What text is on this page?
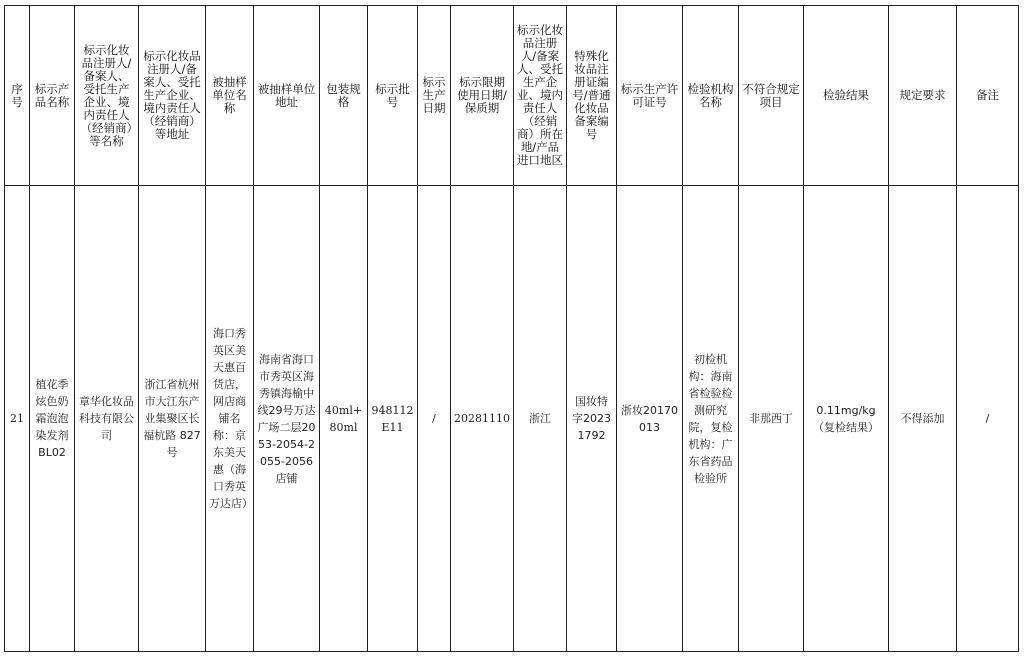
序号	标示产品名称	标示化妆品注册人/备案人、受托生产企业、境内责任人（经销商）等名称	标示化妆品注册人/备案人、受托生产企业、境内责任人（经销商）等地址	被抽样单位名称	被抽样单位地址	包装规格	标示批号	标示生产日期	标示限期使用日期/保质期	标示化妆品注册人/备案人、受托生产企业、境内责任人（经销商）所在地/产品进口地区	特殊化妆品注册证编号/普通化妆品备案编号	标示生产许可证号	检验机构名称	不符合规定项目	检验结果	规定要求	备注
21	植花季炫色奶霜泡泡染发剂BL02	章华化妆品科技有限公司	浙江省杭州市大江东产业集聚区长福杭路 827号	海口秀英区美天惠百货店，网店商铺名称：京东美天惠（海口秀英万达店）	海南省海口市秀英区海秀镇海榆中线29号万达广场二层2053-2054-2055-2056店铺	40ml+80ml	948112E11	/	20281110	浙江	国妆特字20231792	浙妆20170013	初检机构：海南省检验检测研究院，复检机构：广东省药品检验所	非那西丁	0.11mg/kg（复检结果）	不得添加	/
